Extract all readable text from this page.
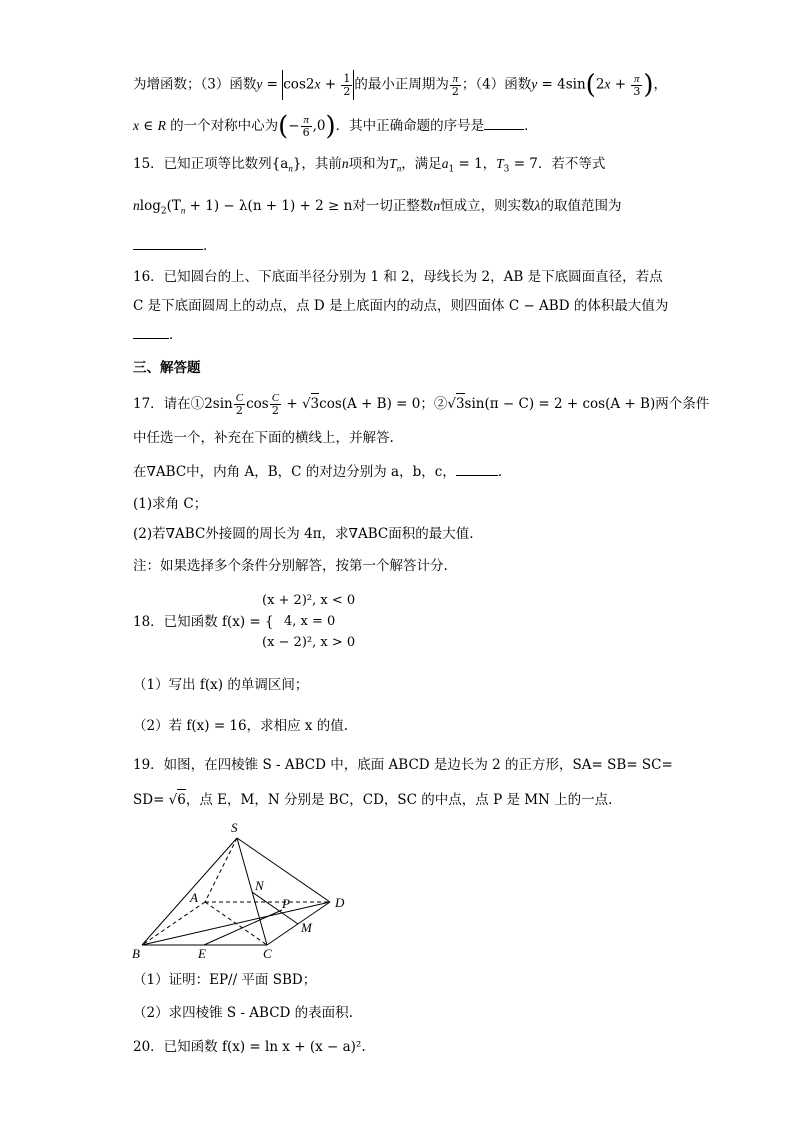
为增函数；（3）函数$y = \cos 2x + \frac{1}{2}$ 的最小正周期为 $\frac{\pi}{2}$ ；（4）函数$y = 4\sin(2x + \frac{\pi}{3}$ )，
x ∈ R 的一个对称中心为(− $\frac{\pi}{6} ,0$)．其中正确命题的序号是	．
15．已知正项等比数列$\{a_n\}$，其前n项和为$T_n$，满足$a_1 = 1$，$T_3 = 7$．若不等式
$nlog_2(T_n + 1) - \lambda(n + 1) + 2 \ge n$对一切正整数n恒成立，则实数λ的取值范围为
．
16．已知圆台的上、下底面半径分别为 1 和 2，母线长为 2，AB 是下底圆面直径，若点
C 是下底面圆周上的动点，点 D 是上底面内的动点，则四面体 C − ABD 的体积最大值为
．
三、解答题
17．请在①2sin $\frac{C}{2}$ $\cos \frac{C}{2} + √3\cos(A + B) = 0$；②√3sin(π − C) = 2 + cos(A + B)两个条件
中任选一个，补充在下面的横线上，并解答.
在∇ABC中，内角 A，B，C 的对边分别为 a，b，c，	．
(1)求角 C；
(2)若∇ABC外接圆的周长为 4π，求∇ABC面积的最大值.
注：如果选择多个条件分别解答，按第一个解答计分.
(x + 2)², x < 0
4, x = 0
(x − 2)², x > 0
18．已知函数 f(x) = {
（1）写出 f(x) 的单调区间；
（2）若 f(x) = 16，求相应 x 的值.
19．如图，在四棱锥 S - ABCD 中，底面 ABCD 是边长为 2 的正方形，SA= SB= SC=
SD= √6，点 E，M，N 分别是 BC，CD，SC 的中点，点 P 是 MN 上的一点.
S
A
B	E	C
D
M
N
P
（1）证明：EP// 平面 SBD；
（2）求四棱锥 S - ABCD 的表面积.
20．已知函数 f(x) = ln x + (x − a)².
